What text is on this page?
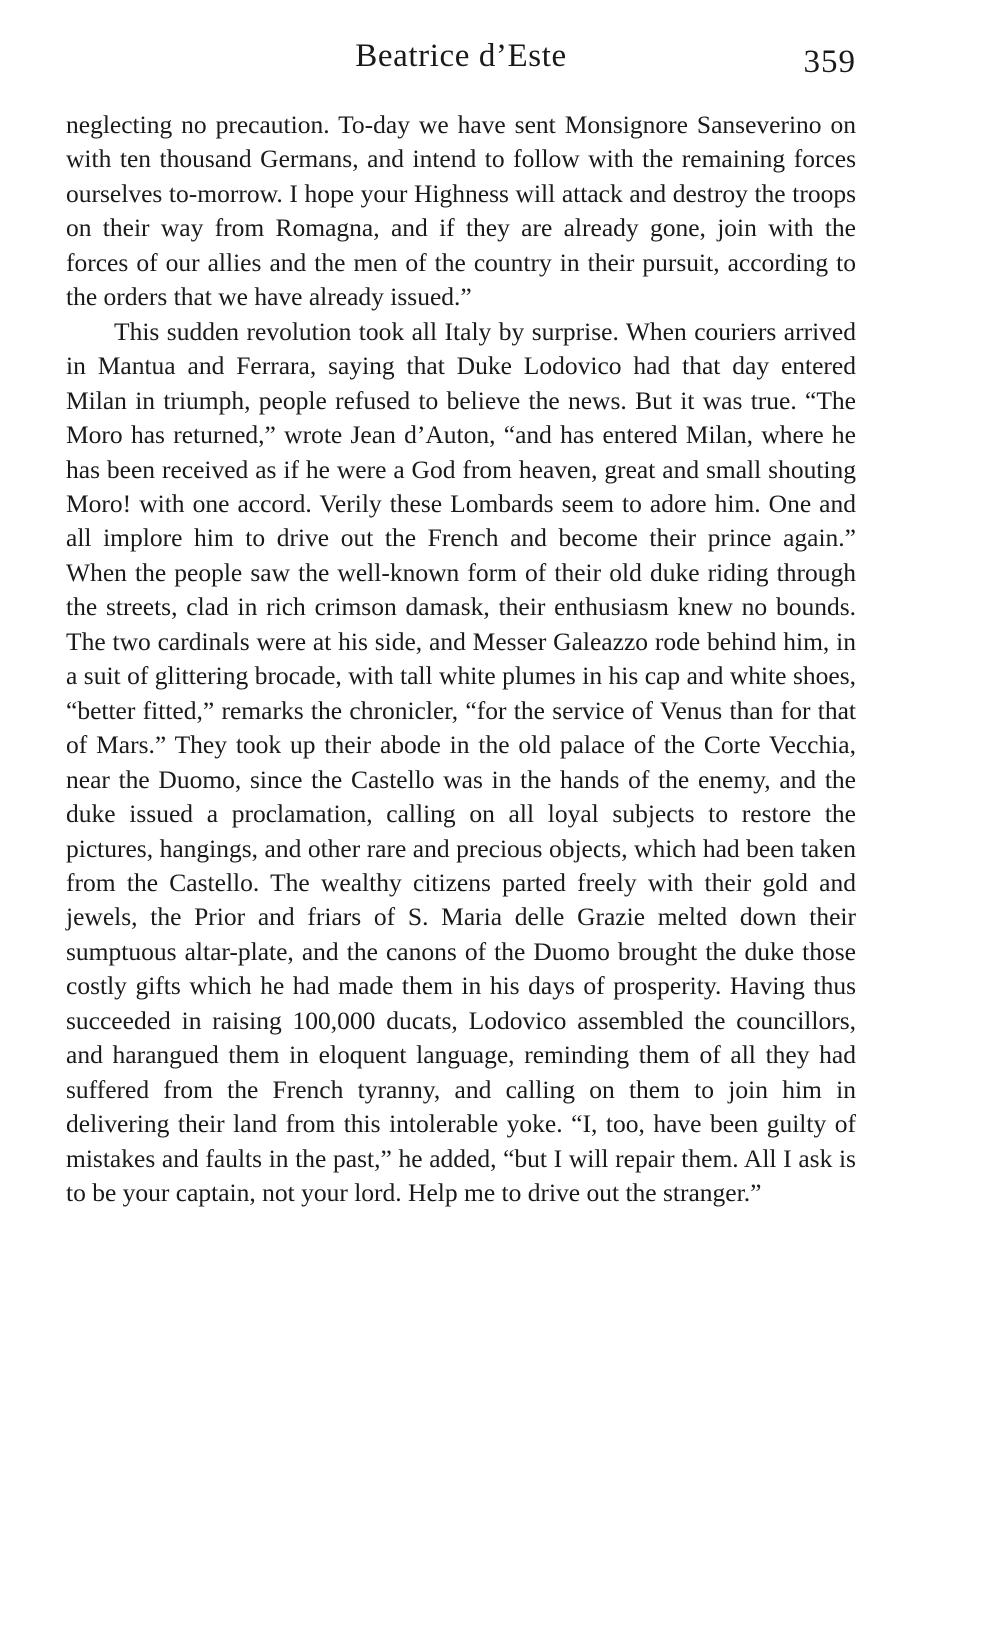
Beatrice d’Este	359

neglecting no precaution. To-day we have sent Monsignore Sanseverino on with ten thousand Germans, and intend to follow with the remaining forces ourselves to-morrow. I hope your Highness will attack and destroy the troops on their way from Romagna, and if they are already gone, join with the forces of our allies and the men of the country in their pursuit, according to the orders that we have already issued.”

This sudden revolution took all Italy by surprise. When couriers arrived in Mantua and Ferrara, saying that Duke Lodovico had that day entered Milan in triumph, people refused to believe the news. But it was true. “The Moro has returned,” wrote Jean d’Auton, “and has entered Milan, where he has been received as if he were a God from heaven, great and small shouting Moro! with one accord. Verily these Lombards seem to adore him. One and all implore him to drive out the French and become their prince again.” When the people saw the well-known form of their old duke riding through the streets, clad in rich crimson damask, their enthusiasm knew no bounds. The two cardinals were at his side, and Messer Galeazzo rode behind him, in a suit of glittering brocade, with tall white plumes in his cap and white shoes, “better fitted,” remarks the chronicler, “for the service of Venus than for that of Mars.” They took up their abode in the old palace of the Corte Vecchia, near the Duomo, since the Castello was in the hands of the enemy, and the duke issued a proclamation, calling on all loyal subjects to restore the pictures, hangings, and other rare and precious objects, which had been taken from the Castello. The wealthy citizens parted freely with their gold and jewels, the Prior and friars of S. Maria delle Grazie melted down their sumptuous altar-plate, and the canons of the Duomo brought the duke those costly gifts which he had made them in his days of prosperity. Having thus succeeded in raising 100,000 ducats, Lodovico assembled the councillors, and harangued them in eloquent language, reminding them of all they had suffered from the French tyranny, and calling on them to join him in delivering their land from this intolerable yoke. “I, too, have been guilty of mistakes and faults in the past,” he added, “but I will repair them. All I ask is to be your captain, not your lord. Help me to drive out the stranger.”
